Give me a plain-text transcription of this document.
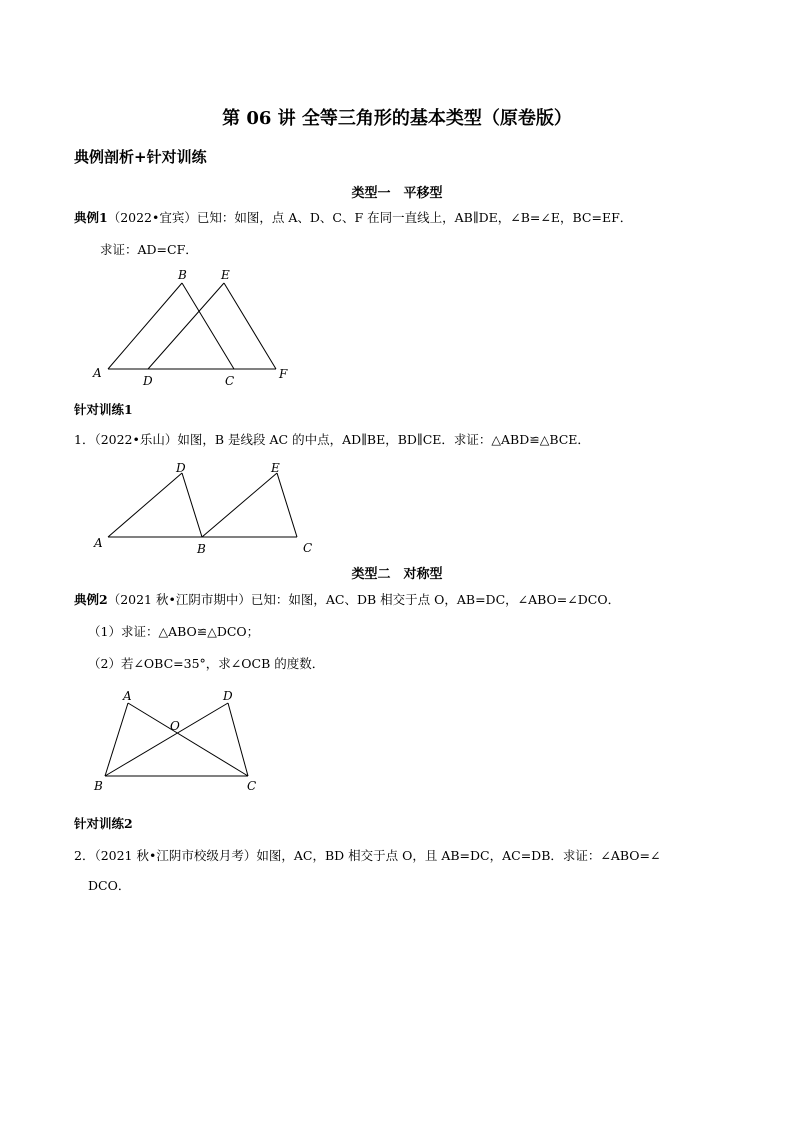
第 06 讲 全等三角形的基本类型（原卷版）
典例剖析+针对训练
类型一　平移型
典例1（2022•宜宾）已知：如图，点 A、D、C、F 在同一直线上，AB∥DE，∠B=∠E，BC=EF．
求证：AD=CF．
A
B
C
D
E
F
针对训练1
1．（2022•乐山）如图，B 是线段 AC 的中点，AD∥BE，BD∥CE．求证：△ABD≌△BCE．
A	B	C
D	E
类型二　对称型
典例2（2021 秋•江阴市期中）已知：如图，AC、DB 相交于点 O，AB=DC，∠ABO=∠DCO．
（1）求证：△ABO≌△DCO；
（2）若∠OBC=35°，求∠OCB 的度数．
A
B	C
D
O
针对训练2
2．（2021 秋•江阴市校级月考）如图，AC，BD 相交于点 O，且 AB=DC，AC=DB．求证：∠ABO=∠
DCO．
